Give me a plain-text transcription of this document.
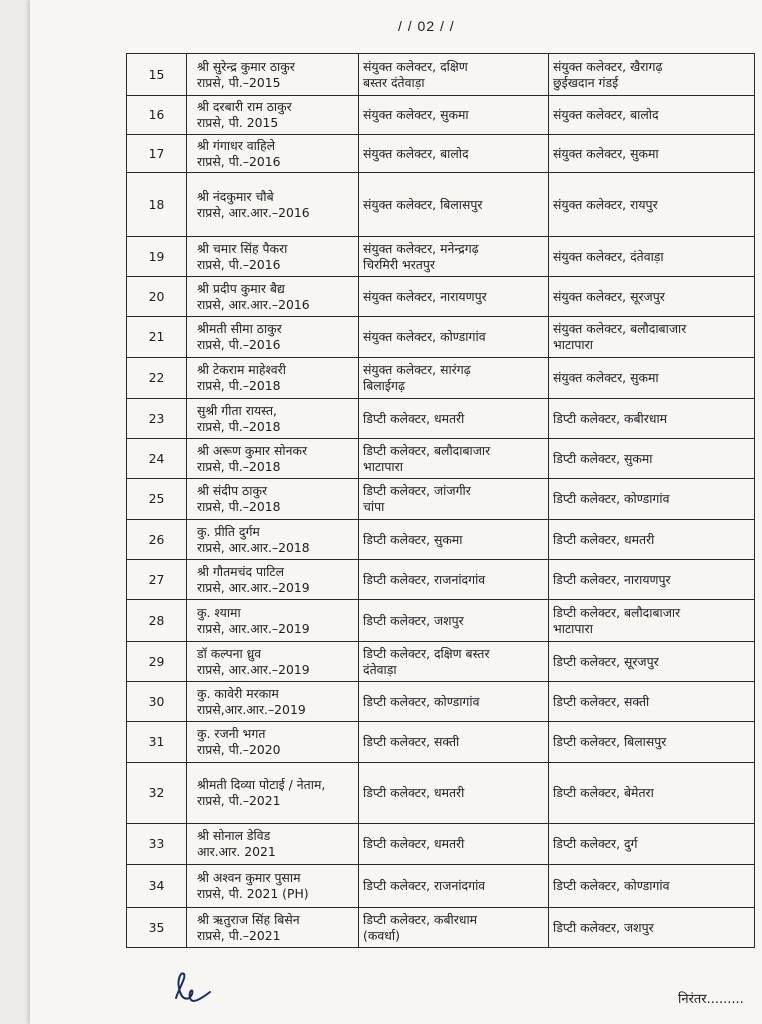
/ / 02 / /
15	श्री सुरेन्द्र कुमार ठाकुर
राप्रसे, पी.–2015	संयुक्त कलेक्टर, दक्षिण
बस्तर दंतेवाड़ा	संयुक्त कलेक्टर, खैरागढ़
छुईखदान गंडई

16	श्री दरबारी राम ठाकुर
राप्रसे, पी. 2015	संयुक्त कलेक्टर, सुकमा	संयुक्त कलेक्टर, बालोद

17	श्री गंगाधर वाहिले
राप्रसे, पी.–2016	संयुक्त कलेक्टर, बालोद	संयुक्त कलेक्टर, सुकमा

18	श्री नंदकुमार चौबे
राप्रसे, आर.आर.–2016	संयुक्त कलेक्टर, बिलासपुर	संयुक्त कलेक्टर, रायपुर

19	श्री चमार सिंह पैकरा
राप्रसे, पी.–2016	संयुक्त कलेक्टर, मनेन्द्रगढ़
चिरमिरी भरतपुर	संयुक्त कलेक्टर, दंतेवाड़ा

20	श्री प्रदीप कुमार बैद्य
राप्रसे, आर.आर.–2016	संयुक्त कलेक्टर, नारायणपुर	संयुक्त कलेक्टर, सूरजपुर

21	श्रीमती सीमा ठाकुर
राप्रसे, पी.–2016	संयुक्त कलेक्टर, कोण्डागांव	संयुक्त कलेक्टर, बलौदाबाजार
भाटापारा

22	श्री टेकराम माहेश्वरी
राप्रसे, पी.–2018	संयुक्त कलेक्टर, सारंगढ़
बिलाईगढ़	संयुक्त कलेक्टर, सुकमा

23	सुश्री गीता रायस्त,
राप्रसे, पी.–2018	डिप्टी कलेक्टर, धमतरी	डिप्टी कलेक्टर, कबीरधाम

24	श्री अरूण कुमार सोनकर
राप्रसे, पी.–2018	डिप्टी कलेक्टर, बलौदाबाजार
भाटापारा	डिप्टी कलेक्टर, सुकमा

25	श्री संदीप ठाकुर
राप्रसे, पी.–2018	डिप्टी कलेक्टर, जांजगीर
चांपा	डिप्टी कलेक्टर, कोण्डागांव

26	कु. प्रीति दुर्गम
राप्रसे, आर.आर.–2018	डिप्टी कलेक्टर, सुकमा	डिप्टी कलेक्टर, धमतरी

27	श्री गौतमचंद पाटिल
राप्रसे, आर.आर.–2019	डिप्टी कलेक्टर, राजनांदगांव	डिप्टी कलेक्टर, नारायणपुर

28	कु. श्यामा
राप्रसे, आर.आर.–2019	डिप्टी कलेक्टर, जशपुर	डिप्टी कलेक्टर, बलौदाबाजार
भाटापारा

29	डॉ कल्पना ध्रुव
राप्रसे, आर.आर.–2019	डिप्टी कलेक्टर, दक्षिण बस्तर
दंतेवाड़ा	डिप्टी कलेक्टर, सूरजपुर

30	कु. कावेरी मरकाम
राप्रसे,आर.आर.–2019	डिप्टी कलेक्टर, कोण्डागांव	डिप्टी कलेक्टर, सक्ती

31	कु. रजनी भगत
राप्रसे, पी.–2020	डिप्टी कलेक्टर, सक्ती	डिप्टी कलेक्टर, बिलासपुर

32	श्रीमती दिव्या पोटाई / नेताम,
राप्रसे, पी.–2021	डिप्टी कलेक्टर, धमतरी	डिप्टी कलेक्टर, बेमेतरा

33	श्री सोनाल डेविड
आर.आर. 2021	डिप्टी कलेक्टर, धमतरी	डिप्टी कलेक्टर, दुर्ग

34	श्री अश्वन कुमार पुसाम
राप्रसे, पी. 2021 (PH)	डिप्टी कलेक्टर, राजनांदगांव	डिप्टी कलेक्टर, कोण्डागांव

35	श्री ऋतुराज सिंह बिसेन
राप्रसे, पी.–2021	डिप्टी कलेक्टर, कबीरधाम
(कवर्धा)	डिप्टी कलेक्टर, जशपुर
निरंतर.........
